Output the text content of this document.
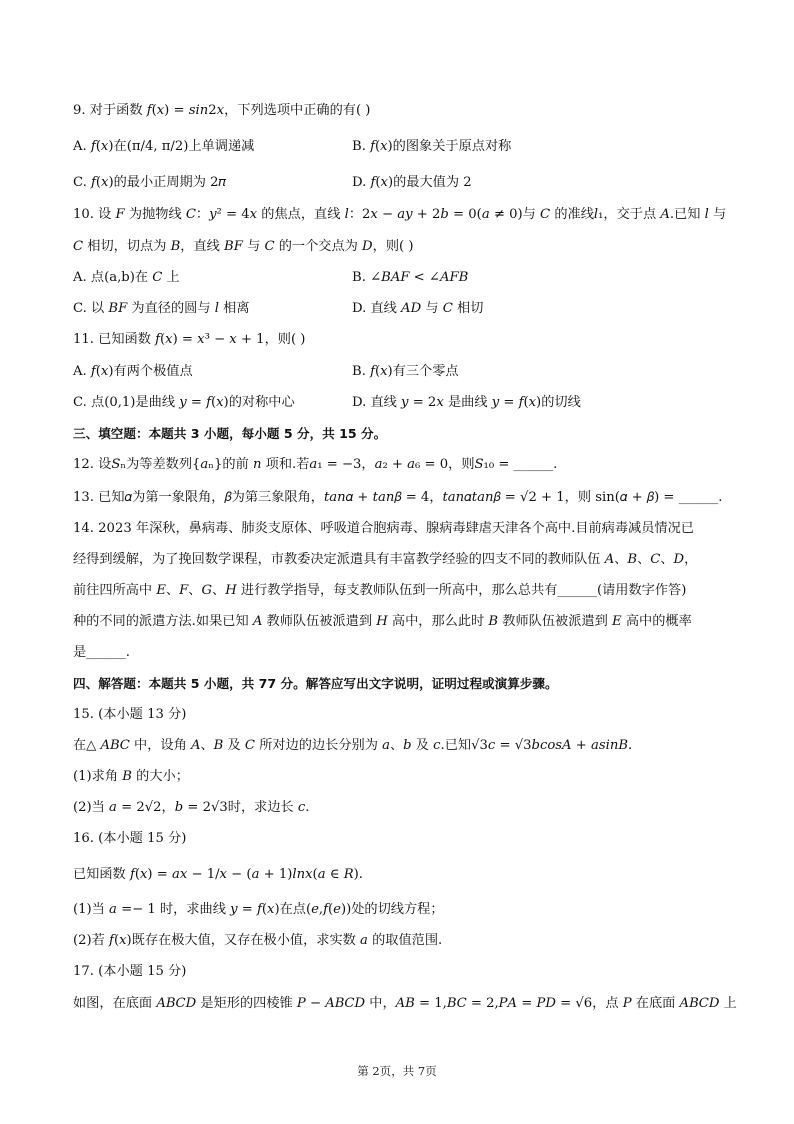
9. 对于函数 𝑓(𝑥) = 𝑠𝑖𝑛2𝑥，下列选项中正确的有( )
A. 𝑓(𝑥)在(π/4, π/2)上单调递减	B. 𝑓(𝑥)的图象关于原点对称
C. 𝑓(𝑥)的最小正周期为 2𝜋	D. 𝑓(𝑥)的最大值为 2
10. 设 𝐹 为抛物线 𝐶：𝑦² = 4𝑥 的焦点，直线 𝑙：2𝑥 − 𝑎𝑦 + 2𝑏 = 0(𝑎 ≠ 0)与 𝐶 的准线𝑙₁，交于点 𝐴.已知 𝑙 与
𝐶 相切，切点为 𝐵，直线 𝐵𝐹 与 𝐶 的一个交点为 𝐷，则( )
A. 点(a,b)在 𝐶 上	B. ∠𝐵𝐴𝐹 < ∠𝐴𝐹𝐵
C. 以 𝐵𝐹 为直径的圆与 𝑙 相离	D. 直线 𝐴𝐷 与 𝐶 相切
11. 已知函数 𝑓(𝑥) = 𝑥³ − 𝑥 + 1，则( )
A. 𝑓(𝑥)有两个极值点	B. 𝑓(𝑥)有三个零点
C. 点(0,1)是曲线 𝑦 = 𝑓(𝑥)的对称中心	D. 直线 𝑦 = 2𝑥 是曲线 𝑦 = 𝑓(𝑥)的切线
三、填空题：本题共 3 小题，每小题 5 分，共 15 分。
12. 设𝑆ₙ为等差数列{𝑎ₙ}的前 𝑛 项和.若𝑎₁ = −3，𝑎₂ + 𝑎₆ = 0，则𝑆₁₀ = ______.
13. 已知𝛼为第一象限角，𝛽为第三象限角，𝑡𝑎𝑛𝛼 + 𝑡𝑎𝑛𝛽 = 4，𝑡𝑎𝑛𝛼𝑡𝑎𝑛𝛽 = √2 + 1，则 sin(𝛼 + 𝛽) = ______.
14. 2023 年深秋，鼻病毒、肺炎支原体、呼吸道合胞病毒、腺病毒肆虐天津各个高中.目前病毒减员情况已
经得到缓解，为了挽回数学课程，市教委决定派遣具有丰富教学经验的四支不同的教师队伍 𝐴、𝐵、𝐶、𝐷，
前往四所高中 𝐸、𝐹、𝐺、𝐻 进行教学指导，每支教师队伍到一所高中，那么总共有______(请用数字作答)
种的不同的派遣方法.如果已知 𝐴 教师队伍被派遣到 𝐻 高中，那么此时 𝐵 教师队伍被派遣到 𝐸 高中的概率
是______.
四、解答题：本题共 5 小题，共 77 分。解答应写出文字说明，证明过程或演算步骤。
15. (本小题 13 分)
在△ 𝐴𝐵𝐶 中，设角 𝐴、𝐵 及 𝐶 所对边的边长分别为 𝑎、𝑏 及 𝑐.已知√3𝑐 = √3𝑏𝑐𝑜𝑠𝐴 + 𝑎𝑠𝑖𝑛𝐵.
(1)求角 𝐵 的大小；
(2)当 𝑎 = 2√2，𝑏 = 2√3时，求边长 𝑐.
16. (本小题 15 分)
已知函数 𝑓(𝑥) = 𝑎𝑥 − 1/𝑥 − (𝑎 + 1)𝑙𝑛𝑥(𝑎 ∈ 𝑅).
(1)当 𝑎 =− 1 时，求曲线 𝑦 = 𝑓(𝑥)在点(𝑒,𝑓(𝑒))处的切线方程；
(2)若 𝑓(𝑥)既存在极大值，又存在极小值，求实数 𝑎 的取值范围.
17. (本小题 15 分)
如图，在底面 𝐴𝐵𝐶𝐷 是矩形的四棱锥 𝑃 − 𝐴𝐵𝐶𝐷 中，𝐴𝐵 = 1,𝐵𝐶 = 2,𝑃𝐴 = 𝑃𝐷 = √6，点 𝑃 在底面 𝐴𝐵𝐶𝐷 上
第 2页，共 7页
